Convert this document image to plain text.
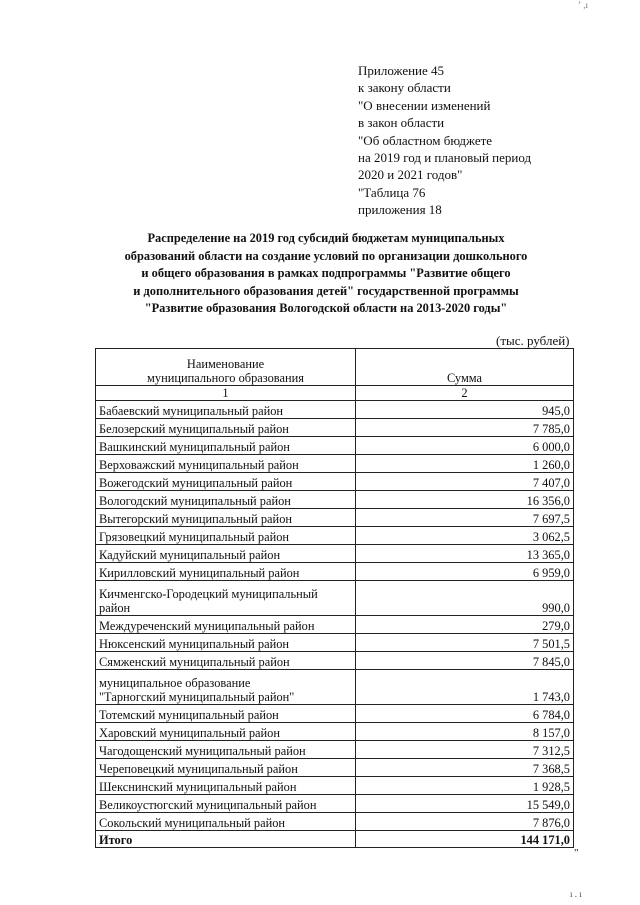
ʼ ,ı
Приложение 45
к закону области
"О внесении изменений
в закон области
"Об областном бюджете
на 2019 год и плановый период
2020 и 2021 годов"
"Таблица 76
приложения 18
Распределение на 2019 год субсидий бюджетам муниципальных
образований области на создание условий по организации дошкольного
и общего образования в рамках подпрограммы "Развитие общего
и дополнительного образования детей" государственной программы
"Развитие образования Вологодской области на 2013-2020 годы"
(тыс. рублей)
Наименование
муниципального образования	Сумма
1	2
Бабаевский муниципальный район	945,0
Белозерский муниципальный район	7 785,0
Вашкинский муниципальный район	6 000,0
Верховажский муниципальный район	1 260,0
Вожегодский муниципальный район	7 407,0
Вологодский муниципальный район	16 356,0
Вытегорский муниципальный район	7 697,5
Грязовецкий муниципальный район	3 062,5
Кадуйский муниципальный район	13 365,0
Кирилловский муниципальный район	6 959,0

Кичменгско-Городецкий муниципальный
район	990,0
Междуреченский муниципальный район	279,0
Нюксенский муниципальный район	7 501,5
Сямженский муниципальный район	7 845,0

муниципальное образование
"Тарногский муниципальный район"	1 743,0
Тотемский муниципальный район	6 784,0
Харовский муниципальный район	8 157,0
Чагодощенский муниципальный район	7 312,5
Череповецкий муниципальный район	7 368,5
Шекснинский муниципальный район	1 928,5
Великоустюгский муниципальный район	15 549,0
Сокольский муниципальный район	7 876,0
Итого	144 171,0
"
ı . ı
